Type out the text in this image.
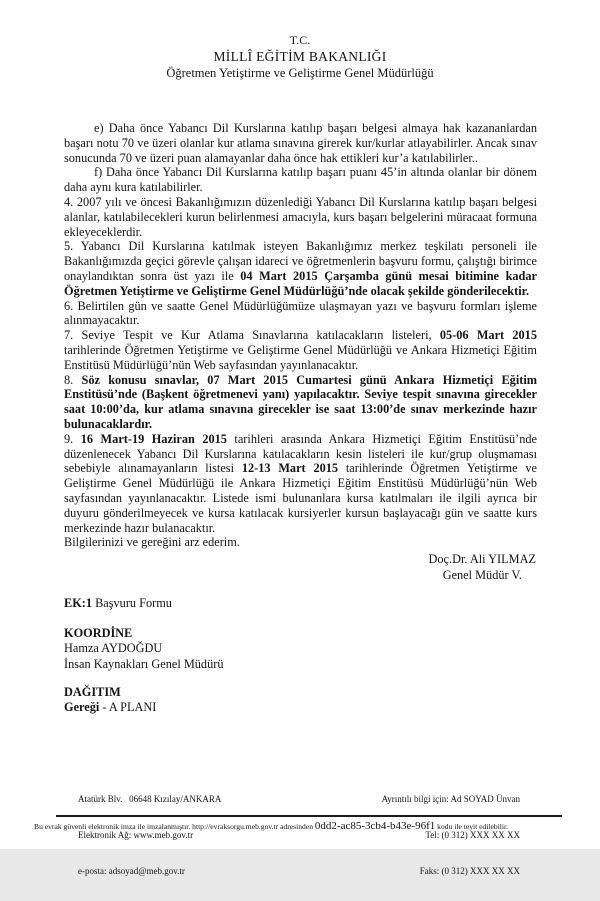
T.C.
MİLLÎ EĞİTİM BAKANLIĞI
Öğretmen Yetiştirme ve Geliştirme Genel Müdürlüğü

e) Daha önce Yabancı Dil Kurslarına katılıp başarı belgesi almaya hak kazananlardan başarı notu 70 ve üzeri olanlar kur atlama sınavına girerek kur/kurlar atlayabilirler. Ancak sınav sonucunda 70 ve üzeri puan alamayanlar daha önce hak ettikleri kur’a katılabilirler..

f) Daha önce Yabancı Dil Kurslarına katılıp başarı puanı 45’in altında olanlar bir dönem daha aynı kura katılabilirler.

4. 2007 yılı ve öncesi Bakanlığımızın düzenlediği Yabancı Dil Kurslarına katılıp başarı belgesi alanlar, katılabilecekleri kurun belirlenmesi amacıyla, kurs başarı belgelerini müracaat formuna ekleyeceklerdir.

5. Yabancı Dil Kurslarına katılmak isteyen Bakanlığımız merkez teşkilatı personeli ile Bakanlığımızda geçici görevle çalışan idareci ve öğretmenlerin başvuru formu, çalıştığı birimce onaylandıktan sonra üst yazı ile 04 Mart 2015 Çarşamba günü mesai bitimine kadar Öğretmen Yetiştirme ve Geliştirme Genel Müdürlüğü’nde olacak şekilde gönderilecektir.

6. Belirtilen gün ve saatte Genel Müdürlüğümüze ulaşmayan yazı ve başvuru formları işleme alınmayacaktır.

7. Seviye Tespit ve Kur Atlama Sınavlarına katılacakların listeleri, 05-06 Mart 2015 tarihlerinde Öğretmen Yetiştirme ve Geliştirme Genel Müdürlüğü ve Ankara Hizmetiçi Eğitim Enstitüsü Müdürlüğü’nün Web sayfasından yayınlanacaktır.

8. Söz konusu sınavlar, 07 Mart 2015 Cumartesi günü Ankara Hizmetiçi Eğitim Enstitüsü’nde (Başkent öğretmenevi yanı) yapılacaktır. Seviye tespit sınavına girecekler saat 10:00’da, kur atlama sınavına girecekler ise saat 13:00’de sınav merkezinde hazır bulunacaklardır.

9. 16 Mart-19 Haziran 2015 tarihleri arasında Ankara Hizmetiçi Eğitim Enstitüsü’nde düzenlenecek Yabancı Dil Kurslarına katılacakların kesin listeleri ile kur/grup oluşmaması sebebiyle alınamayanların listesi 12-13 Mart 2015 tarihlerinde Öğretmen Yetiştirme ve Geliştirme Genel Müdürlüğü ile Ankara Hizmetiçi Eğitim Enstitüsü Müdürlüğü’nün Web sayfasından yayınlanacaktır. Listede ismi bulunanlara kursa katılmaları ile ilgili ayrıca bir duyuru gönderilmeyecek ve kursa katılacak kursiyerler kursun başlayacağı gün ve saatte kurs merkezinde hazır bulanacaktır.

Bilgilerinizi ve gereğini arz ederim.

Doç.Dr. Ali YILMAZ
Genel Müdür V.
EK:1 Başvuru Formu
KOORDİNE
Hamza AYDOĞDU
İnsan Kaynakları Genel Müdürü
DAĞITIM
Gereği - A PLANI

Atatürk Blv.   06648 Kızılay/ANKARA

Elektronik Ağ: www.meb.gov.tr

e-posta: adsoyad@meb.gov.tr

Ayrıntılı bilgi için: Ad SOYAD Ünvan

Tel: (0 312) XXX XX XX

Faks: (0 312) XXX XX XX

Bu evrak güvenli elektronik imza ile imzalanmıştır. http://evraksorgu.meb.gov.tr adresinden 0dd2-ac85-3cb4-b43e-96f1 kodu ile teyit edilebilir.
